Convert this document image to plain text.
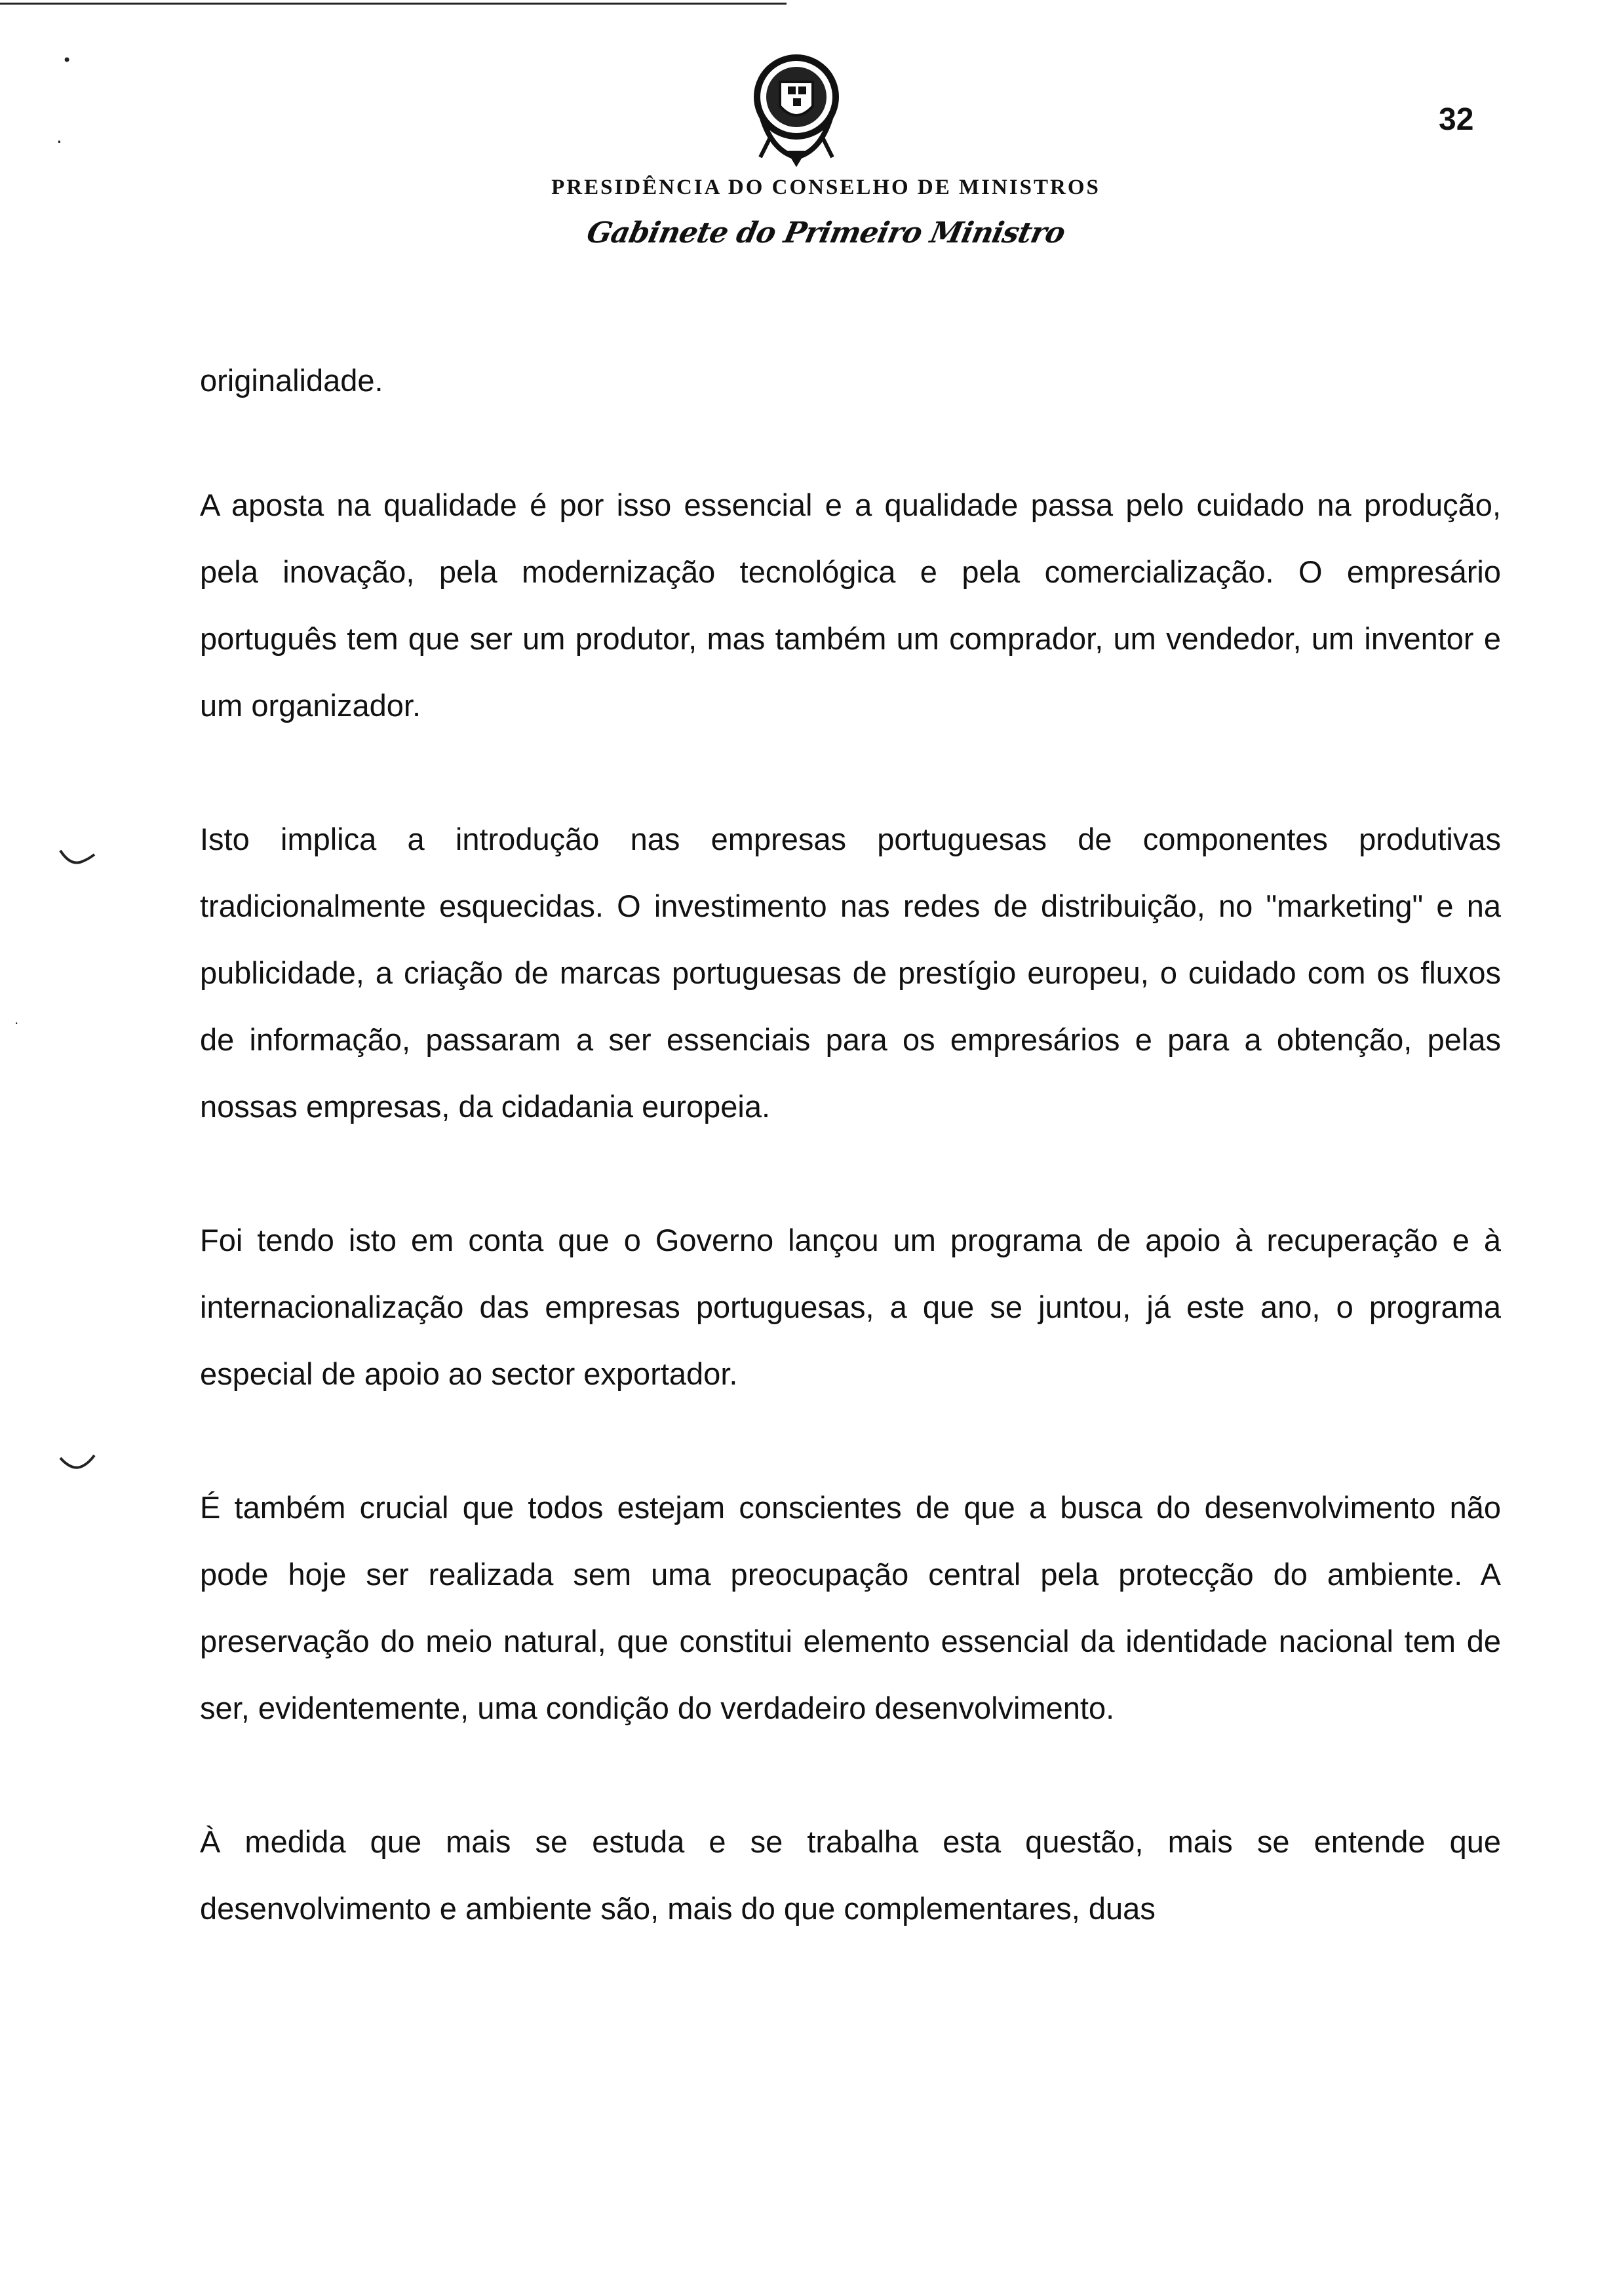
•
·
·
32
PRESIDÊNCIA DO CONSELHO DE MINISTROS
Gabinete do Primeiro Ministro

originalidade.

A aposta na qualidade é por isso essencial e a qualidade passa pelo cuidado na produção, pela inovação, pela modernização tecnológica e pela comercialização. O empresário português tem que ser um produtor, mas também um comprador, um vendedor, um inventor e um organizador.

Isto implica a introdução nas empresas portuguesas de componentes produtivas tradicionalmente esquecidas. O investimento nas redes de distribuição, no "marketing" e na publicidade, a criação de marcas portuguesas de prestígio europeu, o cuidado com os fluxos de informação, passaram a ser essenciais para os empresários e para a obtenção, pelas nossas empresas, da cidadania europeia.

Foi tendo isto em conta que o Governo lançou um programa de apoio à recuperação e à internacionalização das empresas portuguesas, a que se juntou, já este ano, o programa especial de apoio ao sector exportador.

É também crucial que todos estejam conscientes de que a busca do desenvolvimento não pode hoje ser realizada sem uma preocupação central pela protecção do ambiente. A preservação do meio natural, que constitui elemento essencial da identidade nacional tem de ser, evidentemente, uma condição do verdadeiro desenvolvimento.

À medida que mais se estuda e se trabalha esta questão, mais se entende que desenvolvimento e ambiente são, mais do que complementares, duas
